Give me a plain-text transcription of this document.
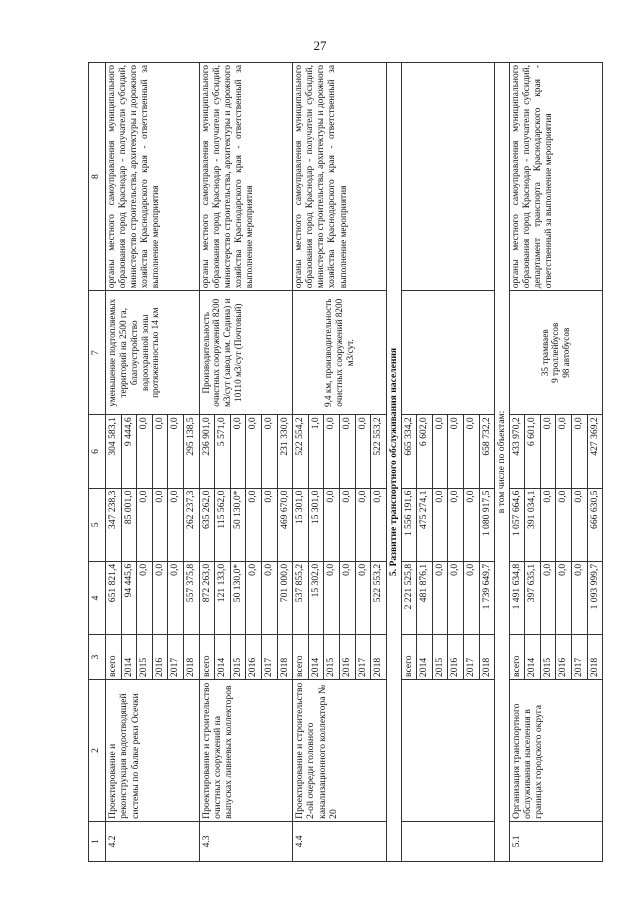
27
1	2	3	4	5	6	7	8
4.2	Проектирование и реконструкция водоотводящей системы по балке реки Осечки	всего	651 821,4	347 238,3	304 583,1	уменьшение подтопляемых территорий на 2500 га, благоустройство водоохранной зоны протяженностью 14 км	органы местного самоуправления муниципального образования город Краснодар - получатели субсидий, министерство строительства, архитектуры и дорожного хозяйства Краснодарского края - ответственный за выполнение мероприятия
		2014	94 445,6	85 001,0	9 444,6		
		2015	0,0	0,0	0,0		
		2016	0,0	0,0	0,0		
		2017	0,0	0,0	0,0		
		2018	557 375,8	262 237,3	295 138,5		
4.3	Проектирование и строительство очистных сооружений на выпусках ливневых коллекторов	всего	872 263,0	635 262,0	236 901,0	Производительность очистных сооружений 8200 м3/сут (завод им. Седина) и 10110 м3/сут (Почтовый)	органы местного самоуправления муниципального образования город Краснодар - получатели субсидий, министерство строительства, архитектуры и дорожного хозяйства Краснодарского края - ответственный за выполнение мероприятия
		2014	121 133,0	115 562,0	5 571,0		
		2015	50 130,0*	50 130,0*	0,0		
		2016	0,0	0,0	0,0		
		2017	0,0	0,0	0,0		
		2018	701 000,0	469 670,0	231 330,0		
4.4	Проектирование и строительство 2-ой очереди головного канализационного коллектора № 20	всего	537 855,2	15 301,0	522 554,2	9,4 км, производительность очистных сооружений 8200 м3/сут.	органы местного самоуправления муниципального образования город Краснодар - получатели субсидий, министерство строительства, архитектуры и дорожного хозяйства Краснодарского края - ответственный за выполнение мероприятия
		2014	15 302,0	15 301,0	1,0		
		2015	0,0	0,0	0,0		
		2016	0,0	0,0	0,0		
		2017	0,0	0,0	0,0		
		2018	522 553,2	0,0	522 553,2		
5. Развитие транспортного обслуживания населения							
		всего	2 221 525,8	1 556 191,6	665 334,2		
		2014	481 876,1	475 274,1	6 602,0		
		2015	0,0	0,0	0,0		
		2016	0,0	0,0	0,0		
		2017	0,0	0,0	0,0		
		2018	1 739 649,7	1 080 917,5	658 732,2		
в том числе по объектам:							
5.1	Организация транспортного обслуживания населения в границах городского округа	всего	1 491 634,8	1 057 664,6	433 970,2	35 трамваев
9 троллейбусов
98 автобусов	органы местного самоуправления муниципального образования город Краснодар - получатели субсидий, департамент транспорта Краснодарского края - ответственный за выполнение мероприятия
		2014	397 635,1	391 034,1	6 601,0		
		2015	0,0	0,0	0,0		
		2016	0,0	0,0	0,0		
		2017	0,0	0,0	0,0		
		2018	1 093 999,7	666 630,5	427 369,2		
